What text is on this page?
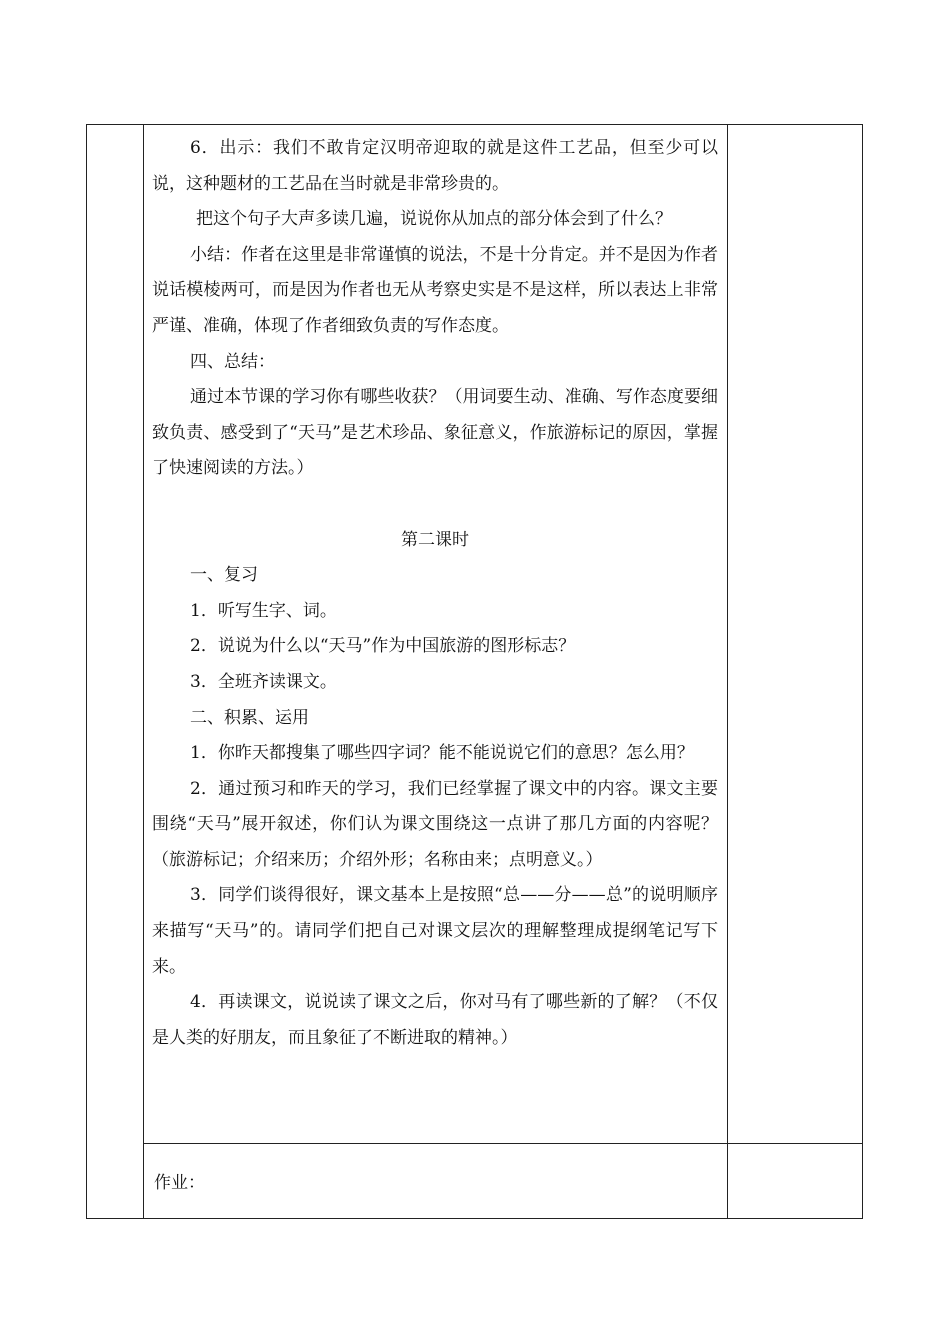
6．出示：我们不敢肯定汉明帝迎取的就是这件工艺品，但至少可以说，这种题材的工艺品在当时就是非常珍贵的。

把这个句子大声多读几遍，说说你从加点的部分体会到了什么？

小结：作者在这里是非常谨慎的说法，不是十分肯定。并不是因为作者说话模棱两可，而是因为作者也无从考察史实是不是这样，所以表达上非常严谨、准确，体现了作者细致负责的写作态度。

四、总结：

通过本节课的学习你有哪些收获？（用词要生动、准确、写作态度要细致负责、感受到了“天马”是艺术珍品、象征意义，作旅游标记的原因，掌握了快速阅读的方法。）

第二课时

一、复习

1．听写生字、词。

2．说说为什么以“天马”作为中国旅游的图形标志？

3．全班齐读课文。

二、积累、运用

1．你昨天都搜集了哪些四字词？能不能说说它们的意思？怎么用？

2．通过预习和昨天的学习，我们已经掌握了课文中的内容。课文主要围绕“天马”展开叙述，你们认为课文围绕这一点讲了那几方面的内容呢？（旅游标记；介绍来历；介绍外形；名称由来；点明意义。）

3．同学们谈得很好，课文基本上是按照“总——分——总”的说明顺序来描写“天马”的。请同学们把自己对课文层次的理解整理成提纲笔记写下来。

4．再读课文，说说读了课文之后，你对马有了哪些新的了解？（不仅是人类的好朋友，而且象征了不断进取的精神。）

作业：
